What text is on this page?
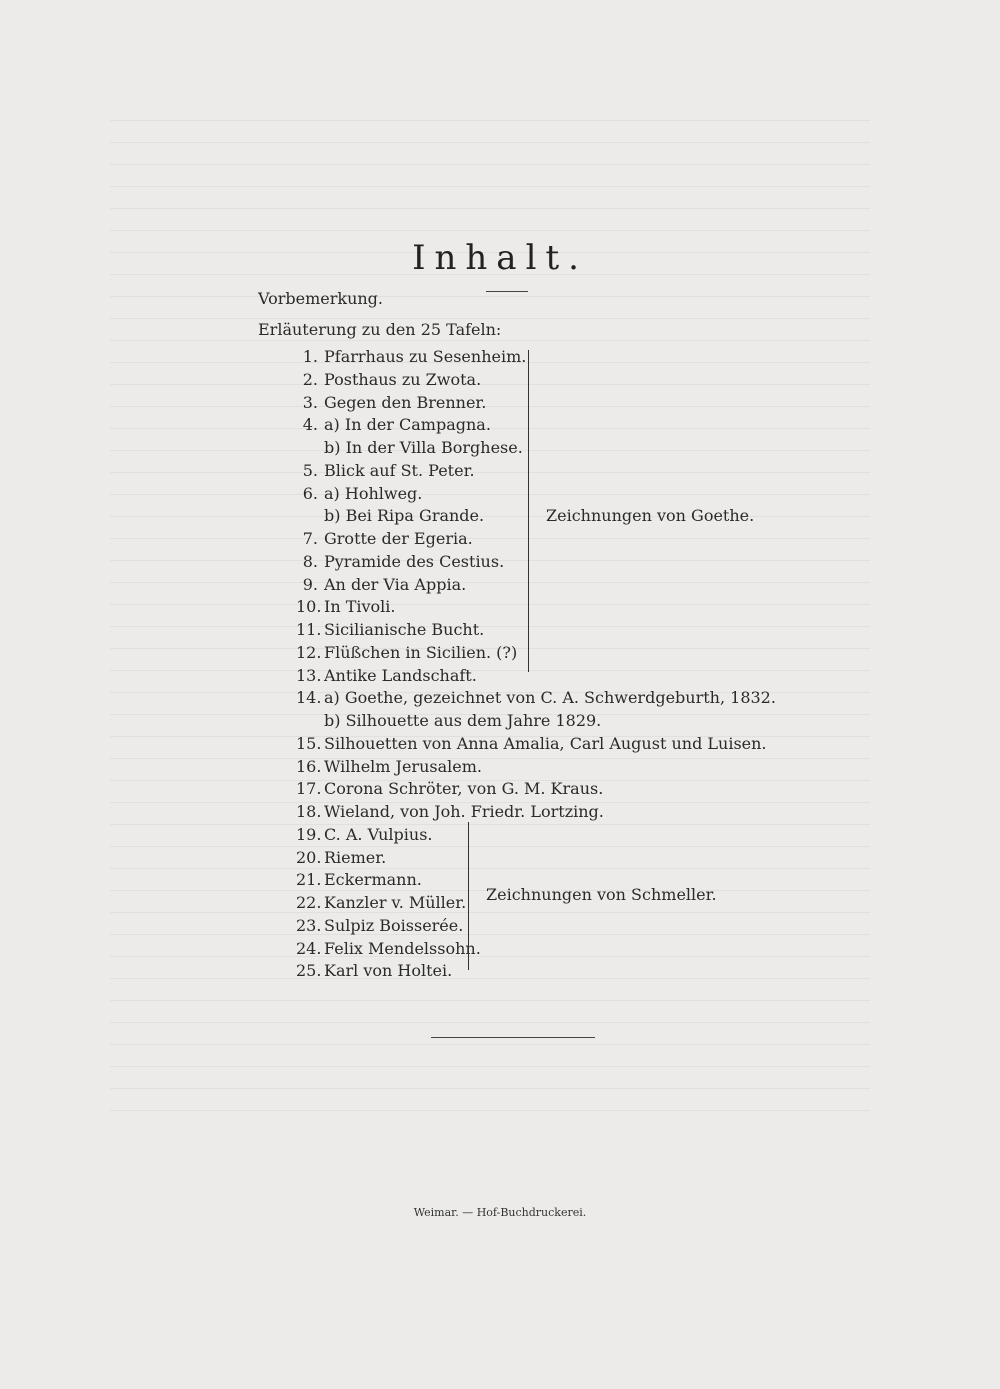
Inhalt.
Vorbemerkung.
Erläuterung zu den 25 Tafeln:
1. Pfarrhaus zu Sesenheim.
2. Posthaus zu Zwota.
3. Gegen den Brenner.
4. a) In der Campagna.
b) In der Villa Borghese.
5. Blick auf St. Peter.
6. a) Hohlweg.
b) Bei Ripa Grande.
7. Grotte der Egeria.
8. Pyramide des Cestius.
9. An der Via Appia.
10. In Tivoli.
11. Sicilianische Bucht.
12. Flüßchen in Sicilien. (?)
13. Antike Landschaft.
14. a) Goethe, gezeichnet von C. A. Schwerdgeburth, 1832.
b) Silhouette aus dem Jahre 1829.
15. Silhouetten von Anna Amalia, Carl August und Luisen.
16. Wilhelm Jerusalem.
17. Corona Schröter, von G. M. Kraus.
18. Wieland, von Joh. Friedr. Lortzing.
19. C. A. Vulpius.
20. Riemer.
21. Eckermann.
22. Kanzler v. Müller.
23. Sulpiz Boisserée.
24. Felix Mendelssohn.
25. Karl von Holtei.
Zeichnungen von Goethe.
Zeichnungen von Schmeller.
Weimar. — Hof-Buchdruckerei.
